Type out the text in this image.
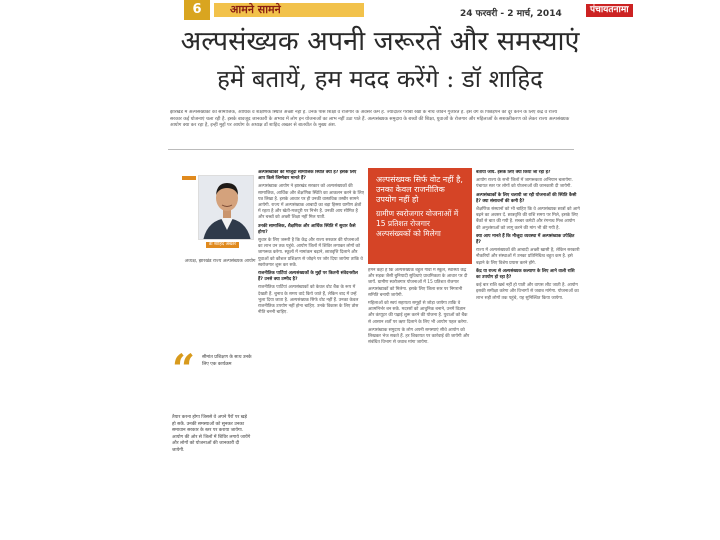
6	आमने सामने	24 फरवरी - 2 मार्च, 2014	पंचायतनामा
अल्पसंख्यक अपनी जरूरतें और समस्याएं
हमें बतायें, हम मदद करेंगे : डॉ शाहिद
झारखंड में अल्पसंख्यकों को सामाजिक, आर्थिक व शैक्षणिक स्थिति अच्छी नहीं है. उनके पास शिक्षा व रोजगार के अवसर कम हैं. ज्यादातर गरीबी रेखा के नीचे जीवन गुजारते हैं. इस वर्ग के पिछड़ेपन को दूर करने के लिए केंद्र व राज्य सरकार कई योजनाएं चला रही है. इसके बावजूद जानकारी के अभाव में लोग इन योजनाओं का लाभ नहीं उठा पाते हैं. अल्पसंख्यक समुदाय के बच्चों की शिक्षा, युवाओं के रोजगार और महिलाओं के सशक्तीकरण को लेकर राज्य अल्पसंख्यक आयोग क्या कर रहा है, इन्हीं मुद्दों पर आयोग के अध्यक्ष डॉ शाहिद अख्तर से बातचीत के मुख्य अंश.
डॉ शाहिद अख्तर
अध्यक्ष, झारखंड राज्य अल्पसंख्यक आयोग
“	सीमांत प्रशिक्षण के साथ उनके लिए एक कार्यक्रम
तैयार करना होगा जिससे वे अपने पैरों पर खड़े हो सकें. उनकी समस्याओं को सुनकर उनका समाधान सरकार के स्तर पर कराया जायेगा. आयोग की ओर से जिलों में शिविर लगाये जायेंगे और लोगों को योजनाओं की जानकारी दी जायेगी.

अल्पसंख्यकों की मौजूदा सामाजिक स्थिति क्या है? इसके लिए आप किसे जिम्मेवार मानते हैं?

अल्पसंख्यक आयोग ने झारखंड सरकार को अल्पसंख्यकों की सामाजिक, आर्थिक और शैक्षणिक स्थिति का आकलन करने के लिए पत्र लिखा है. इसके आधार पर ही उनकी वास्तविक तस्वीर सामने आयेगी. राज्य में अल्पसंख्यक आबादी का बड़ा हिस्सा ग्रामीण क्षेत्रों में रहता है और खेती-मजदूरी पर निर्भर है. उनकी आय सीमित है और बच्चों को अच्छी शिक्षा नहीं मिल पाती.

उनकी सामाजिक, शैक्षणिक और आर्थिक स्थिति में सुधार कैसे होगा?

सुधार के लिए जरूरी है कि केंद्र और राज्य सरकार की योजनाओं का लाभ उन तक पहुंचे. आयोग जिलों में शिविर लगाकर लोगों को जागरूक करेगा. स्कूलों में नामांकन बढ़ाने, छात्रवृत्ति दिलाने और युवाओं को कौशल प्रशिक्षण से जोड़ने पर जोर दिया जायेगा ताकि वे स्वरोजगार शुरू कर सकें.

राजनीतिक पार्टियां अल्पसंख्यकों के मुद्दों पर कितनी संवेदनशील हैं? उनसे क्या उम्मीद है?

राजनीतिक पार्टियां अल्पसंख्यकों को केवल वोट बैंक के रूप में देखती हैं. चुनाव के समय वादे किये जाते हैं, लेकिन बाद में उन्हें भुला दिया जाता है. अल्पसंख्यक सिर्फ वोट नहीं हैं. उनका केवल राजनीतिक उपयोग नहीं होना चाहिए. उनके विकास के लिए ठोस नीति बननी चाहिए.

अल्पसंख्यक सिर्फ वोट नहीं है, उनका केवल राजनीतिक उपयोग नहीं हो
ग्रामीण स्वरोजगार योजनाओं में 15 प्रतिशत रोजगार अल्पसंख्यकों को मिलेगा

हमने कहा है कि अल्पसंख्यक बहुल गांवों में स्कूल, स्वास्थ्य केंद्र और सड़क जैसी बुनियादी सुविधाएं प्राथमिकता के आधार पर दी जायें. ग्रामीण स्वरोजगार योजनाओं में 15 प्रतिशत रोजगार अल्पसंख्यकों को मिलेगा. इसके लिए जिला स्तर पर निगरानी समिति बनायी जायेगी.

महिलाओं को स्वयं सहायता समूहों से जोड़ा जायेगा ताकि वे आत्मनिर्भर बन सकें. मदरसों को आधुनिक बनाने, उनमें विज्ञान और कंप्यूटर की पढ़ाई शुरू करने की योजना है. युवाओं को बैंक से आसान शर्तों पर ऋण दिलाने के लिए भी आयोग पहल करेगा.

अल्पसंख्यक समुदाय के लोग अपनी समस्याएं सीधे आयोग को लिखकर भेज सकते हैं. हर शिकायत पर कार्रवाई की जायेगी और संबंधित विभाग से जवाब मांगा जायेगा.

बताया जाये. इसके लिए क्या किया जा रहा है?

आयोग राज्य के सभी जिलों में जागरूकता अभियान चलायेगा. पंचायत स्तर पर लोगों को योजनाओं की जानकारी दी जायेगी.

अल्पसंख्यकों के लिए चलायी जा रही योजनाओं की स्थिति कैसी है? क्या संसाधनों की कमी है?

शैक्षणिक संस्थानों को भी चाहिए कि वे अल्पसंख्यक छात्रों को आगे बढ़ने का अवसर दें. छात्रवृत्ति की राशि समय पर मिले, इसके लिए बैंकों से बात की गयी है. सच्चर कमेटी और रंगनाथ मिश्र आयोग की अनुशंसाओं को लागू करने की मांग भी की गयी है.

क्या आप मानते हैं कि मौजूदा व्यवस्था में अल्पसंख्यक उपेक्षित हैं?

राज्य में अल्पसंख्यकों की आबादी अच्छी खासी है, लेकिन सरकारी नौकरियों और संस्थाओं में उनका प्रतिनिधित्व बहुत कम है. इसे बढ़ाने के लिए विशेष प्रयास करने होंगे.

केंद्र या राज्य से अल्पसंख्यक कल्याण के लिए आने वाली राशि का उपयोग हो रहा है?

कई बार राशि खर्च नहीं हो पाती और वापस लौट जाती है. आयोग इसकी समीक्षा करेगा और विभागों से जवाब मांगेगा. योजनाओं का लाभ सही लोगों तक पहुंचे, यह सुनिश्चित किया जायेगा.
